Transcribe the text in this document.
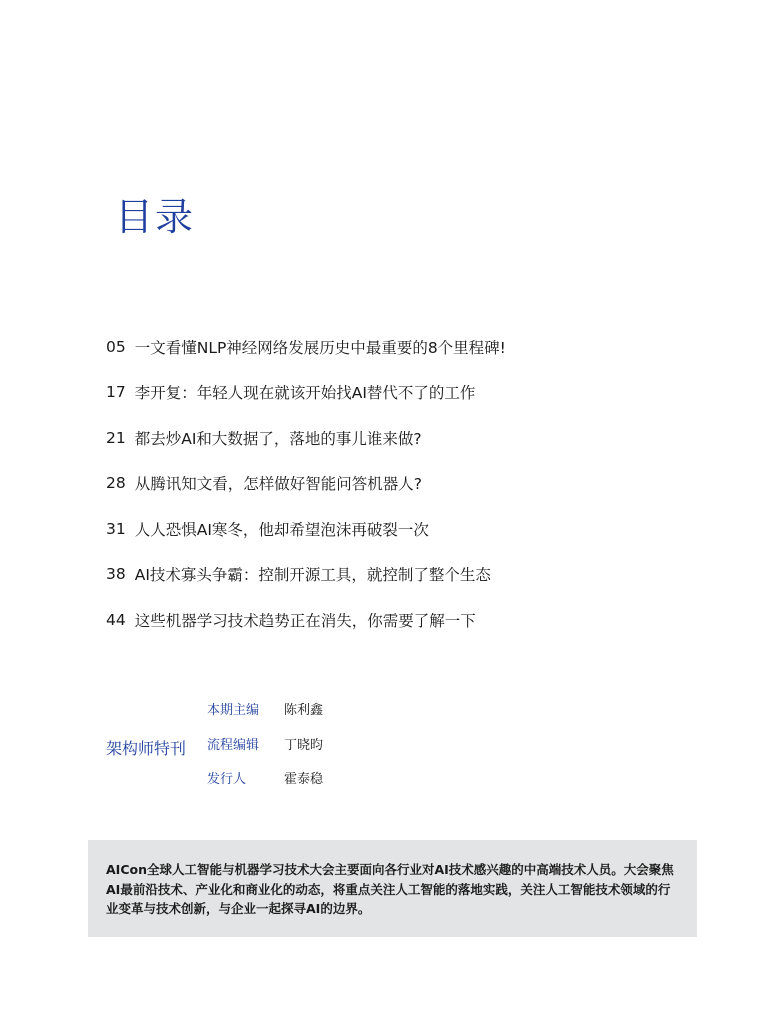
目录
05 一文看懂NLP神经网络发展历史中最重要的8个里程碑!
17 李开复：年轻人现在就该开始找AI替代不了的工作
21 都去炒AI和大数据了，落地的事儿谁来做?
28 从腾讯知文看，怎样做好智能问答机器人?
31 人人恐惧AI寒冬，他却希望泡沫再破裂一次
38 AI技术寡头争霸：控制开源工具，就控制了整个生态
44 这些机器学习技术趋势正在消失，你需要了解一下
架构师特刊
本期主编	陈利鑫
流程编辑	丁晓昀
发行人	霍泰稳

AICon全球人工智能与机器学习技术大会主要面向各行业对AI技术感兴趣的中高端技术人员。大会聚焦AI最前沿技术、产业化和商业化的动态，将重点关注人工智能的落地实践，关注人工智能技术领域的行业变革与技术创新，与企业一起探寻AI的边界。
